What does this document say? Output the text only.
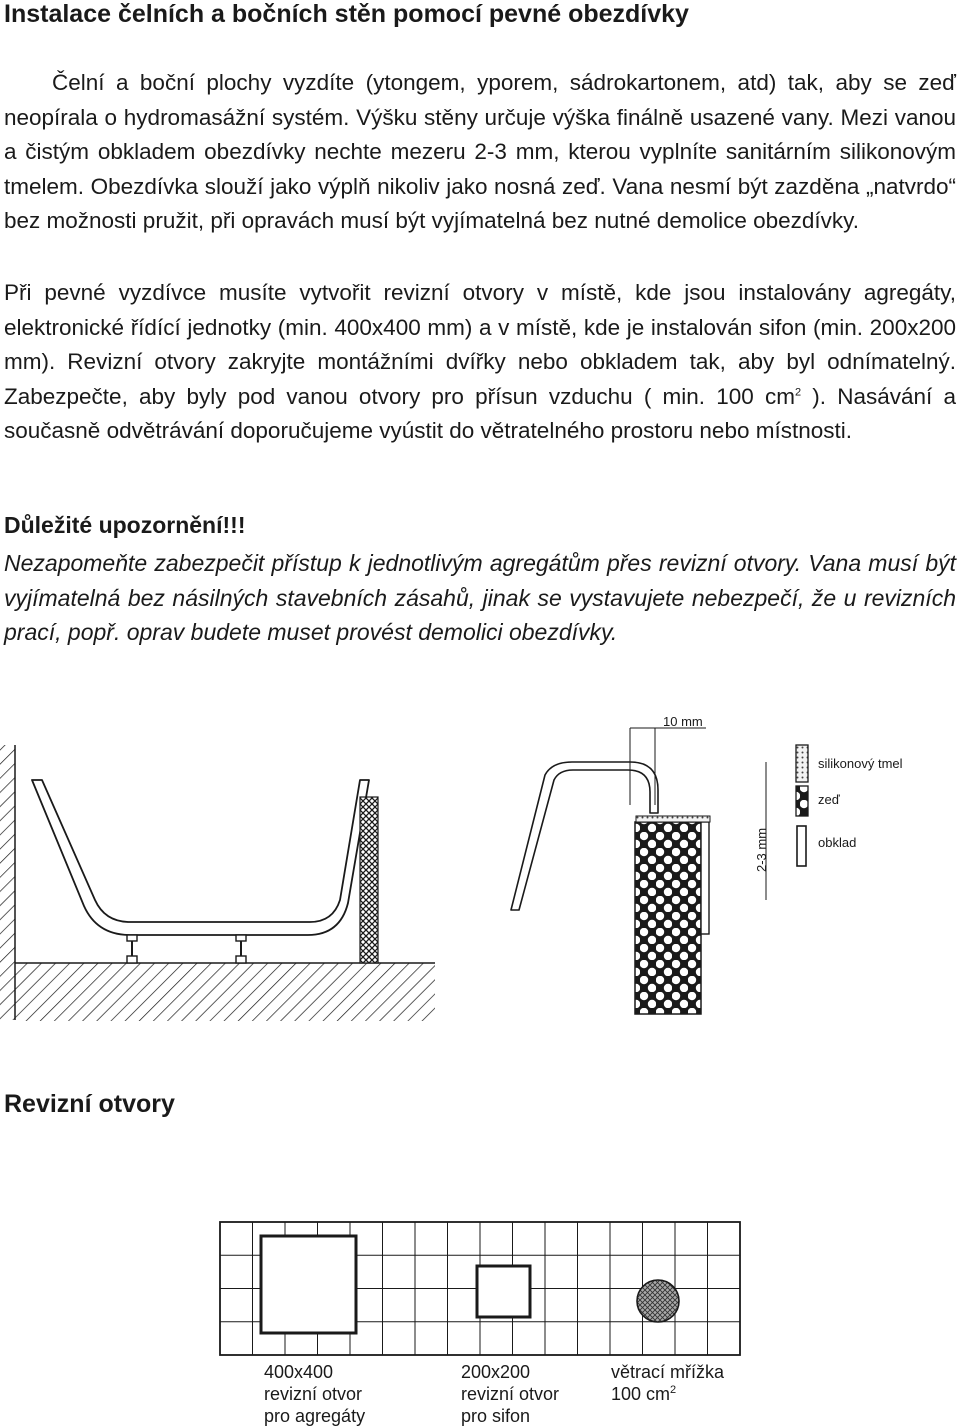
Instalace čelních a bočních stěn pomocí pevné obezdívky

Čelní a boční plochy vyzdíte (ytongem, yporem, sádrokartonem, atd) tak, aby se zeď neopírala o hydromasážní systém. Výšku stěny určuje výška finálně usazené vany. Mezi vanou a čistým obkladem obezdívky nechte mezeru 2-3 mm, kterou vyplníte sanitárním silikonovým tmelem. Obezdívka slouží jako výplň nikoliv jako nosná zeď. Vana nesmí být zazděna „natvrdo“ bez možnosti pružit, při opravách musí být vyjímatelná bez nutné demolice obezdívky.

Při pevné vyzdívce musíte vytvořit revizní otvory v místě, kde jsou instalovány agregáty, elektronické řídící jednotky (min. 400x400 mm) a v místě, kde je instalován sifon (min. 200x200 mm). Revizní otvory zakryjte montážními dvířky nebo obkladem tak, aby byl odnímatelný. Zabezpečte, aby byly pod vanou otvory pro přísun vzduchu ( min. 100 $cm^2$ ). Nasávání a současně odvětrávání doporučujeme vyústit do větratelného prostoru nebo místnosti.

Důležité upozornění!!!

Nezapomeňte zabezpečit přístup k jednotlivým agregátům přes revizní otvory. Vana musí být vyjímatelná bez násilných stavebních zásahů, jinak se vystavujete nebezpečí, že u revizních prací, popř. oprav budete muset provést demolici obezdívky.

10 mm
2-3 mm
silikonový tmel
zeď
obklad
Revizní otvory
400x400
revizní otvor
pro agregáty
200x200
revizní otvor
pro sifon
větrací mřížka
100 $cm^2$
